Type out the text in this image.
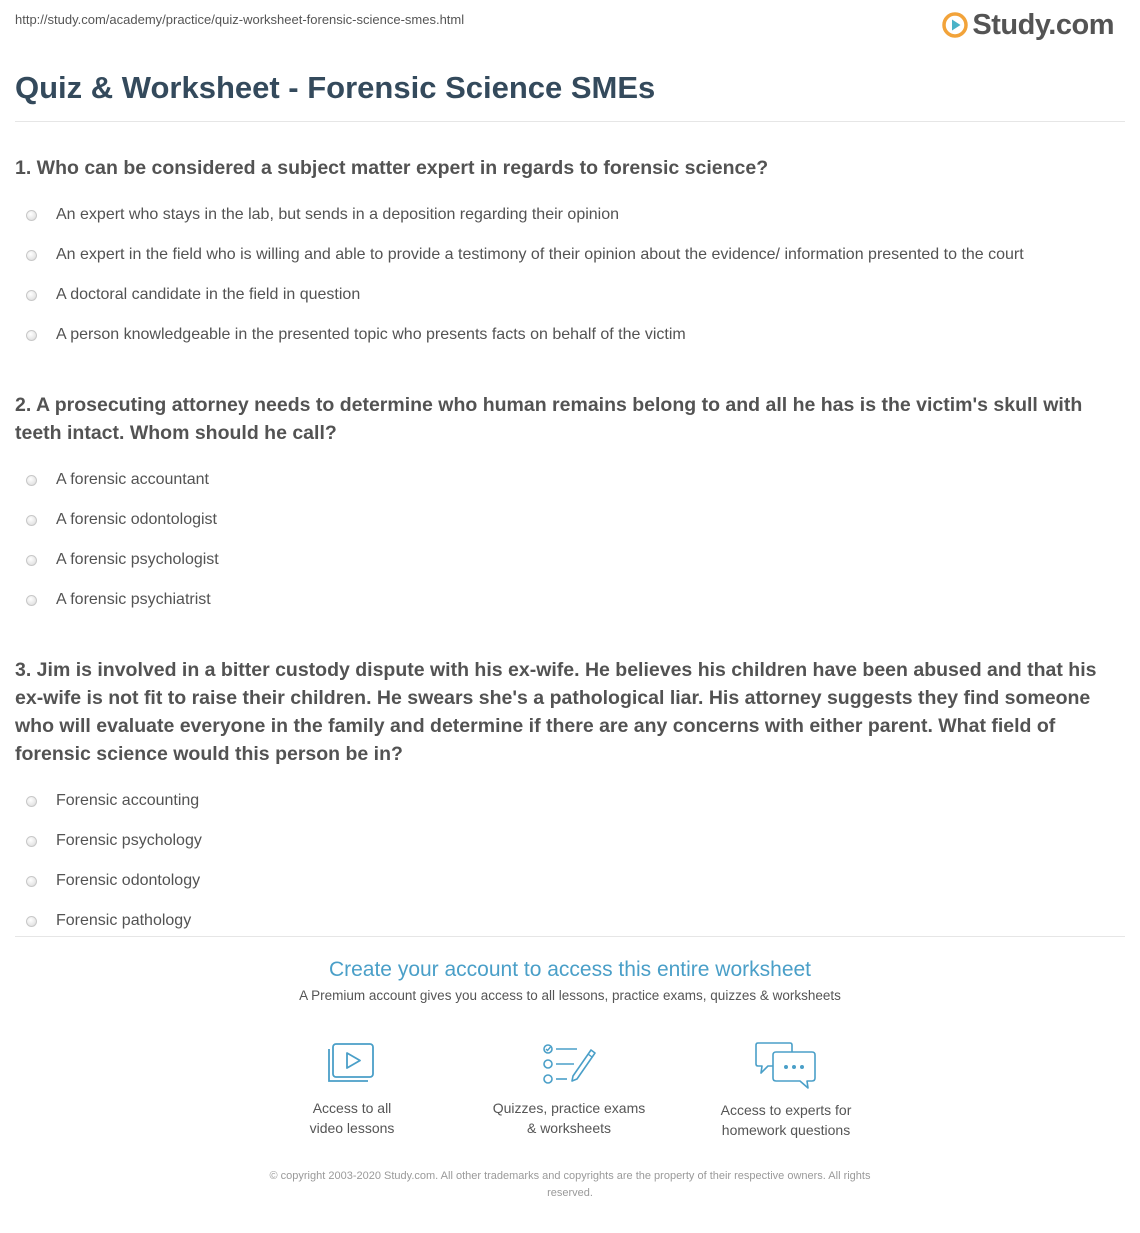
http://study.com/academy/practice/quiz-worksheet-forensic-science-smes.html	Study.com
Quiz & Worksheet - Forensic Science SMEs

1. Who can be considered a subject matter expert in regards to forensic science?

An expert who stays in the lab, but sends in a deposition regarding their opinion
An expert in the field who is willing and able to provide a testimony of their opinion about the evidence/ information presented to the court
A doctoral candidate in the field in question
A person knowledgeable in the presented topic who presents facts on behalf of the victim

2. A prosecuting attorney needs to determine who human remains belong to and all he has is the victim's skull with teeth intact. Whom should he call?

A forensic accountant
A forensic odontologist
A forensic psychologist
A forensic psychiatrist

3. Jim is involved in a bitter custody dispute with his ex-wife. He believes his children have been abused and that his ex-wife is not fit to raise their children. He swears she's a pathological liar. His attorney suggests they find someone who will evaluate everyone in the family and determine if there are any concerns with either parent. What field of forensic science would this person be in?

Forensic accounting
Forensic psychology
Forensic odontology
Forensic pathology
Create your account to access this entire worksheet

A Premium account gives you access to all lessons, practice exams, quizzes & worksheets

Access to all
video lessons
Quizzes, practice exams
& worksheets
Access to experts for
homework questions
© copyright 2003-2020 Study.com. All other trademarks and copyrights are the property of their respective owners. All rights
reserved.
